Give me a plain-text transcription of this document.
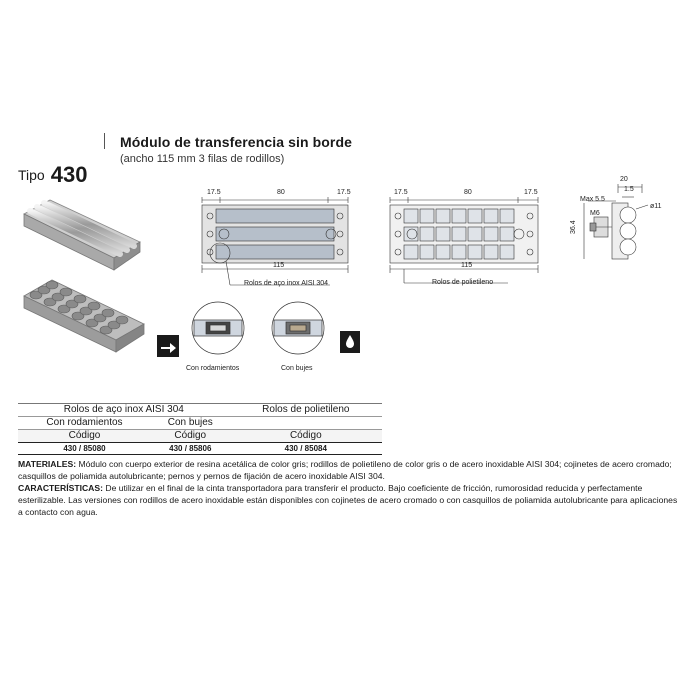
Módulo de transferencia sin borde
(ancho 115 mm 3 filas de rodillos)
Tipo 430
17.5	80	17.5
115
Rolos de aço inox AISI 304
17.5	80	17.5
115
Rolos de polietileno
20
1.5
Max 5.5
M6
ø11
36.4
Con rodamientos	Con bujes
Rolos de aço inox AISI 304		Rolos de polietileno
Con rodamientos	Con bujes	
Código	Código	Código
430 / 85080	430 / 85806	430 / 85084

MATERIALES: Módulo con cuerpo exterior de resina acetálica de color gris; rodillos de polietileno de color gris o de acero inoxidable AISI 304; cojinetes de acero cromado; casquillos de poliamida autolubricante; pernos y pernos de fijación de acero inoxidable AISI 304.

CARACTERÍSTICAS: De utilizar en el final de la cinta transportadora para transferir el producto. Bajo coeficiente de fricción, rumorosidad reducida y perfectamente esterilizable. Las versiones con rodillos de acero inoxidable están disponibles con cojinetes de acero cromado o con casquillos de poliamida autolubricante para aplicaciones a contacto con agua.
